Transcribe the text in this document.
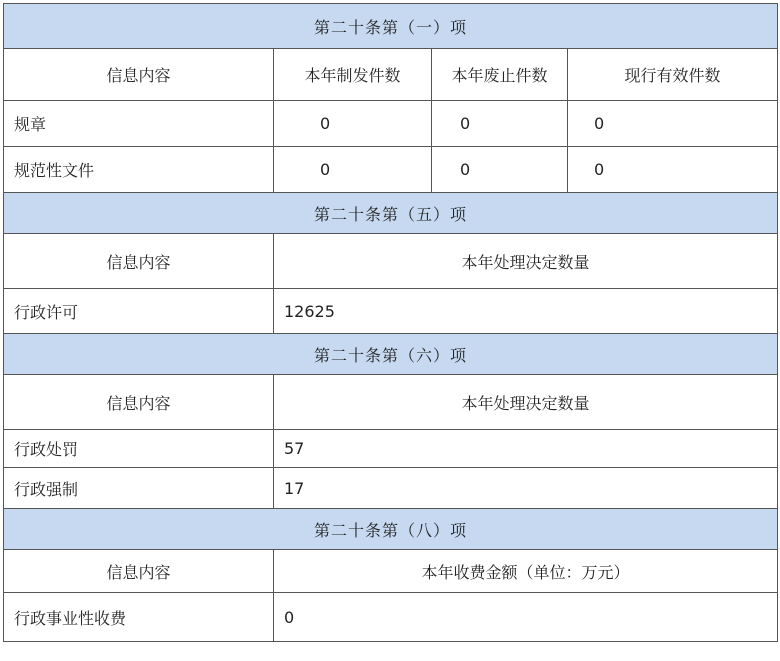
第二十条第（一）项			
信息内容	本年制发件数	本年废止件数	现行有效件数
规章	0	0	0
规范性文件	0	0	0
第二十条第（五）项			
信息内容	本年处理决定数量		
行政许可	12625		
第二十条第（六）项			
信息内容	本年处理决定数量		
行政处罚	57		
行政强制	17		
第二十条第（八）项			
信息内容	本年收费金额（单位：万元）		
行政事业性收费	0		
